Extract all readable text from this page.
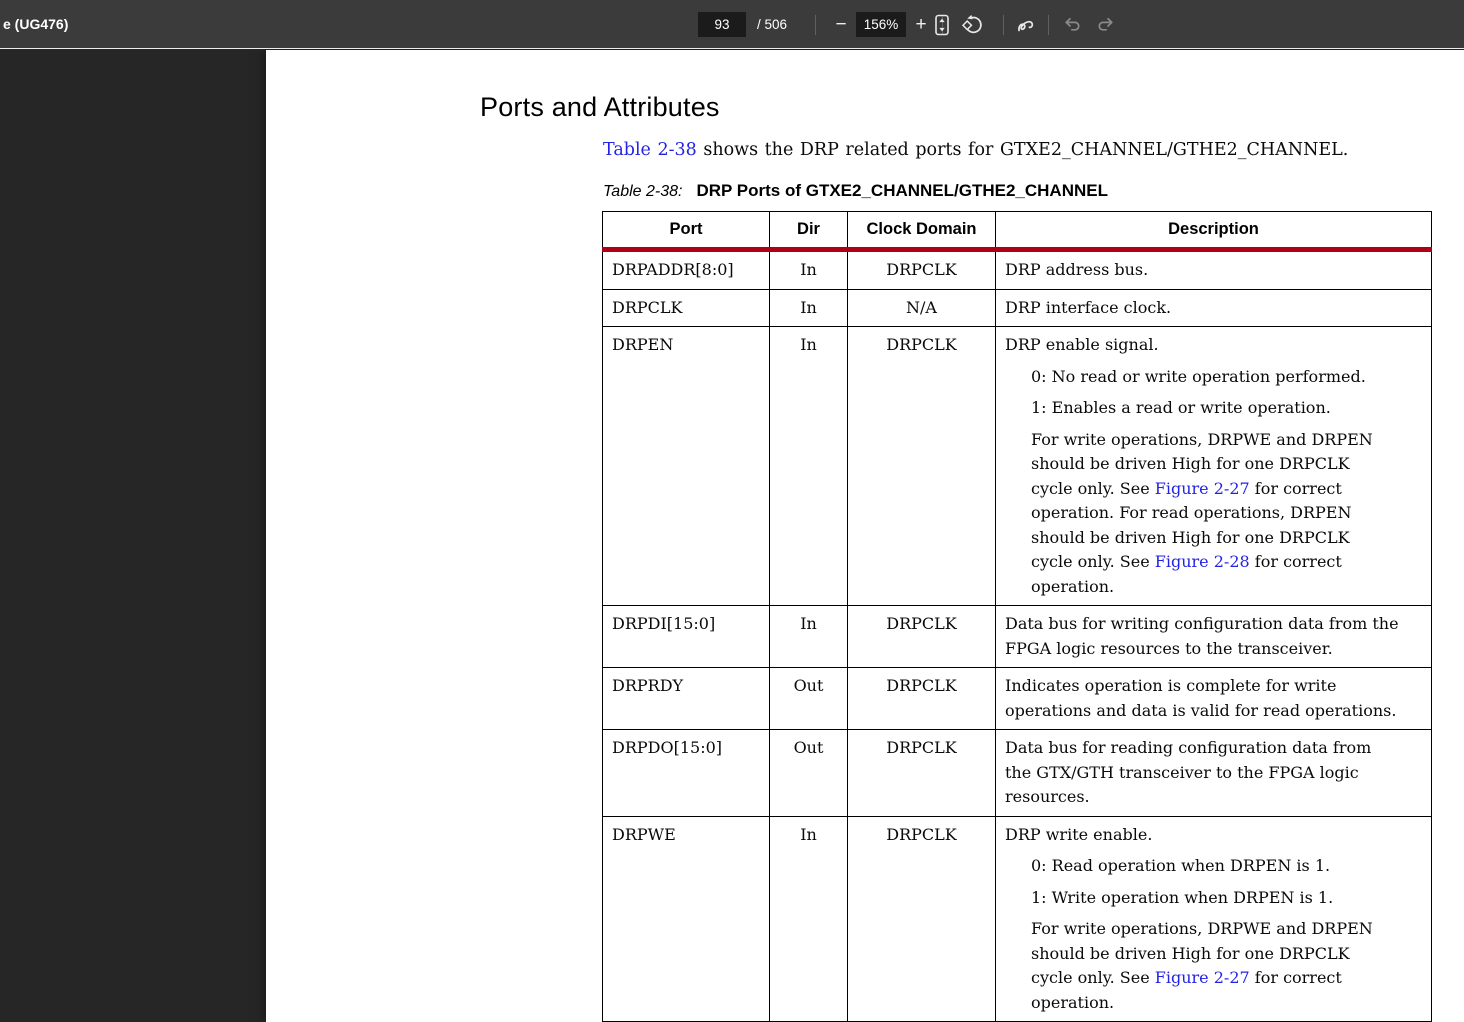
e (UG476)	93	/ 506	−	156% +
Ports and Attributes
Table 2-38 shows the DRP related ports for GTXE2_CHANNEL/GTHE2_CHANNEL.
Table 2-38: DRP Ports of GTXE2_CHANNEL/GTHE2_CHANNEL
Port	Dir	Clock Domain	Description
DRPADDR[8:0]	In	DRPCLK	DRP address bus.

DRPCLK	In	N/A	DRP interface clock.

DRPEN	In	DRPCLK	DRP enable signal.
0: No read or write operation performed.
1: Enables a read or write operation.
For write operations, DRPWE and DRPEN
should be driven High for one DRPCLK
cycle only. See Figure 2-27 for correct
operation. For read operations, DRPEN
should be driven High for one DRPCLK
cycle only. See Figure 2-28 for correct
operation.

DRPDI[15:0]	In	DRPCLK	Data bus for writing configuration data from the
FPGA logic resources to the transceiver.

DRPRDY	Out	DRPCLK	Indicates operation is complete for write
operations and data is valid for read operations.

DRPDO[15:0]	Out	DRPCLK	Data bus for reading configuration data from
the GTX/GTH transceiver to the FPGA logic
resources.

DRPWE	In	DRPCLK	DRP write enable.
0: Read operation when DRPEN is 1.
1: Write operation when DRPEN is 1.
For write operations, DRPWE and DRPEN
should be driven High for one DRPCLK
cycle only. See Figure 2-27 for correct
operation.
